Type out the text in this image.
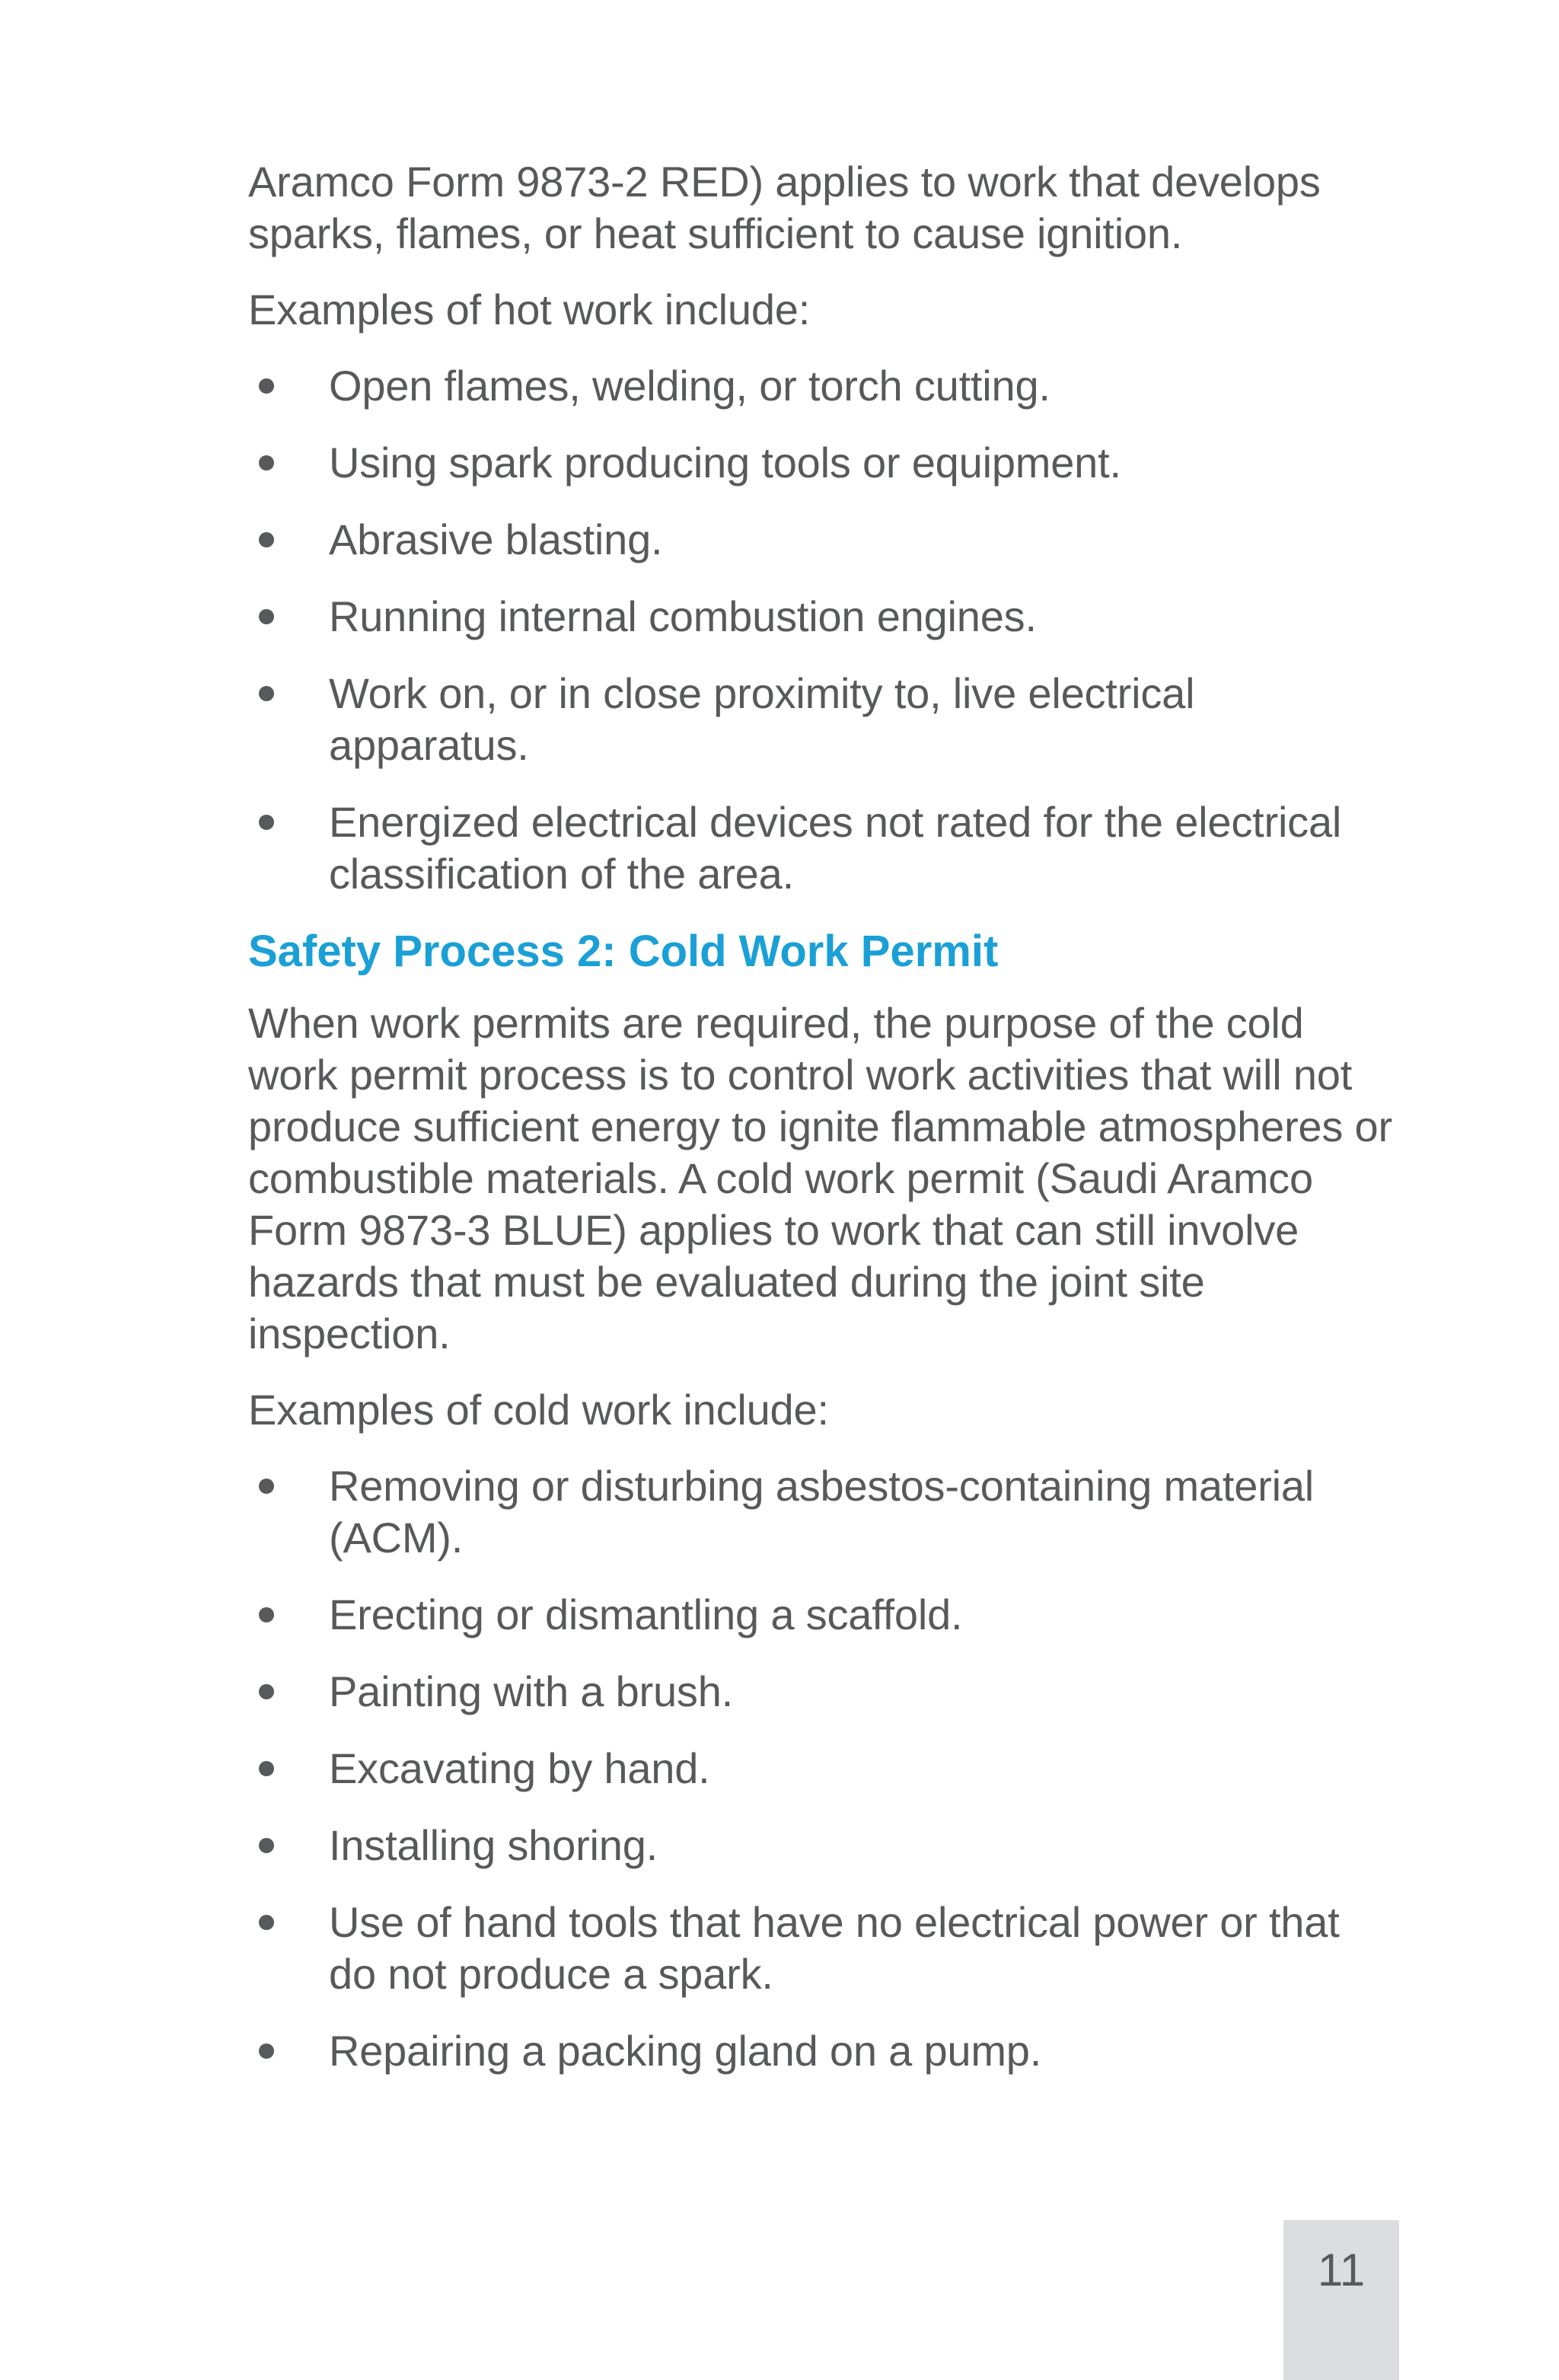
Aramco Form 9873-2 RED) applies to work that develops sparks, flames, or heat sufficient to cause ignition.

Examples of hot work include:

Open flames, welding, or torch cutting.
Using spark producing tools or equipment.
Abrasive blasting.
Running internal combustion engines.
Work on, or in close proximity to, live electrical apparatus.
Energized electrical devices not rated for the electrical classification of the area.
Safety Process 2: Cold Work Permit

When work permits are required, the purpose of the cold work permit process is to control work activities that will not produce sufficient energy to ignite flammable atmospheres or combustible materials. A cold work permit (Saudi Aramco Form 9873-3 BLUE) applies to work that can still involve hazards that must be evaluated during the joint site inspection.

Examples of cold work include:

Removing or disturbing asbestos-containing material (ACM).
Erecting or dismantling a scaffold.
Painting with a brush.
Excavating by hand.
Installing shoring.
Use of hand tools that have no electrical power or that do not produce a spark.
Repairing a packing gland on a pump.
11
